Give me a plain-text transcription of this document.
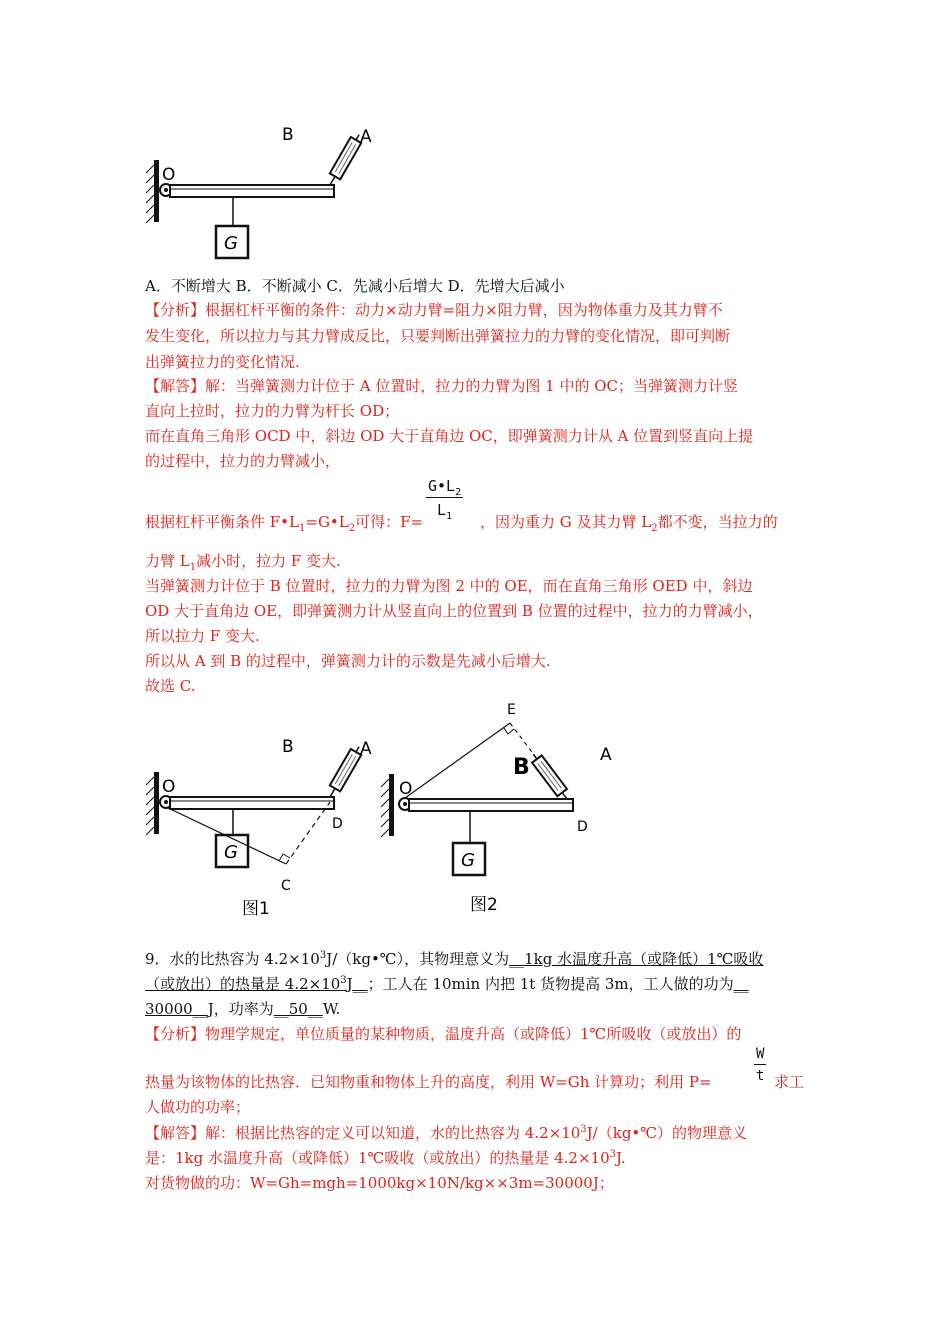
O
B	A
G
A．不断增大 B．不断减小 C．先减小后增大 D．先增大后减小
【分析】根据杠杆平衡的条件：动力×动力臂=阻力×阻力臂，因为物体重力及其力臂不
发生变化，所以拉力与其力臂成反比，只要判断出弹簧拉力的力臂的变化情况，即可判断
出弹簧拉力的变化情况.
【解答】解：当弹簧测力计位于 A 位置时，拉力的力臂为图 1 中的 OC；当弹簧测力计竖
直向上拉时，拉力的力臂为杆长 OD；
而在直角三角形 OCD 中，斜边 OD 大于直角边 OC，即弹簧测力计从 A 位置到竖直向上提
的过程中，拉力的力臂减小，
$\frac{G•L_2}{L_1}$
根据杠杆平衡条件 $F•L_1=G•L_2$可得：F=	，因为重力 G 及其力臂 $L_2$都不变，当拉力的
力臂 $L_1$减小时，拉力 F 变大.
当弹簧测力计位于 B 位置时，拉力的力臂为图 2 中的 OE，而在直角三角形 OED 中，斜边
OD 大于直角边 OE，即弹簧测力计从竖直向上的位置到 B 位置的过程中，拉力的力臂减小，
所以拉力 F 变大.
所以从 A 到 B 的过程中，弹簧测力计的示数是先减小后增大.
故选 C.
O
B	A
G
D
C
图1
O
E
B	A
G
D
图2
9．水的比热容为 $4.2\times 10^3J/(kg•℃)$，其物理意义为__1kg 水温度升高（或降低）1℃吸收
（或放出）的热量是 $4.2\times 10^3J\_\_$；工人在 10min 内把 1t 货物提高 3m，工人做的功为__
30000__J，功率为__50__W.
【分析】物理学规定，单位质量的某种物质，温度升高（或降低）1℃所吸收（或放出）的
$\frac{W}{t}$
热量为该物体的比热容．已知物重和物体上升的高度，利用 W=Gh 计算功；利用 P=	求工
人做功的功率；
【解答】解：根据比热容的定义可以知道，水的比热容为 $4.2\times 10^3J/(kg•℃)$的物理意义
是：1kg 水温度升高（或降低）1℃吸收（或放出）的热量是 $4.2\times 10^3J$.
对货物做的功：W=Gh=mgh=1000kg×10N/kg××3m=30000J；
